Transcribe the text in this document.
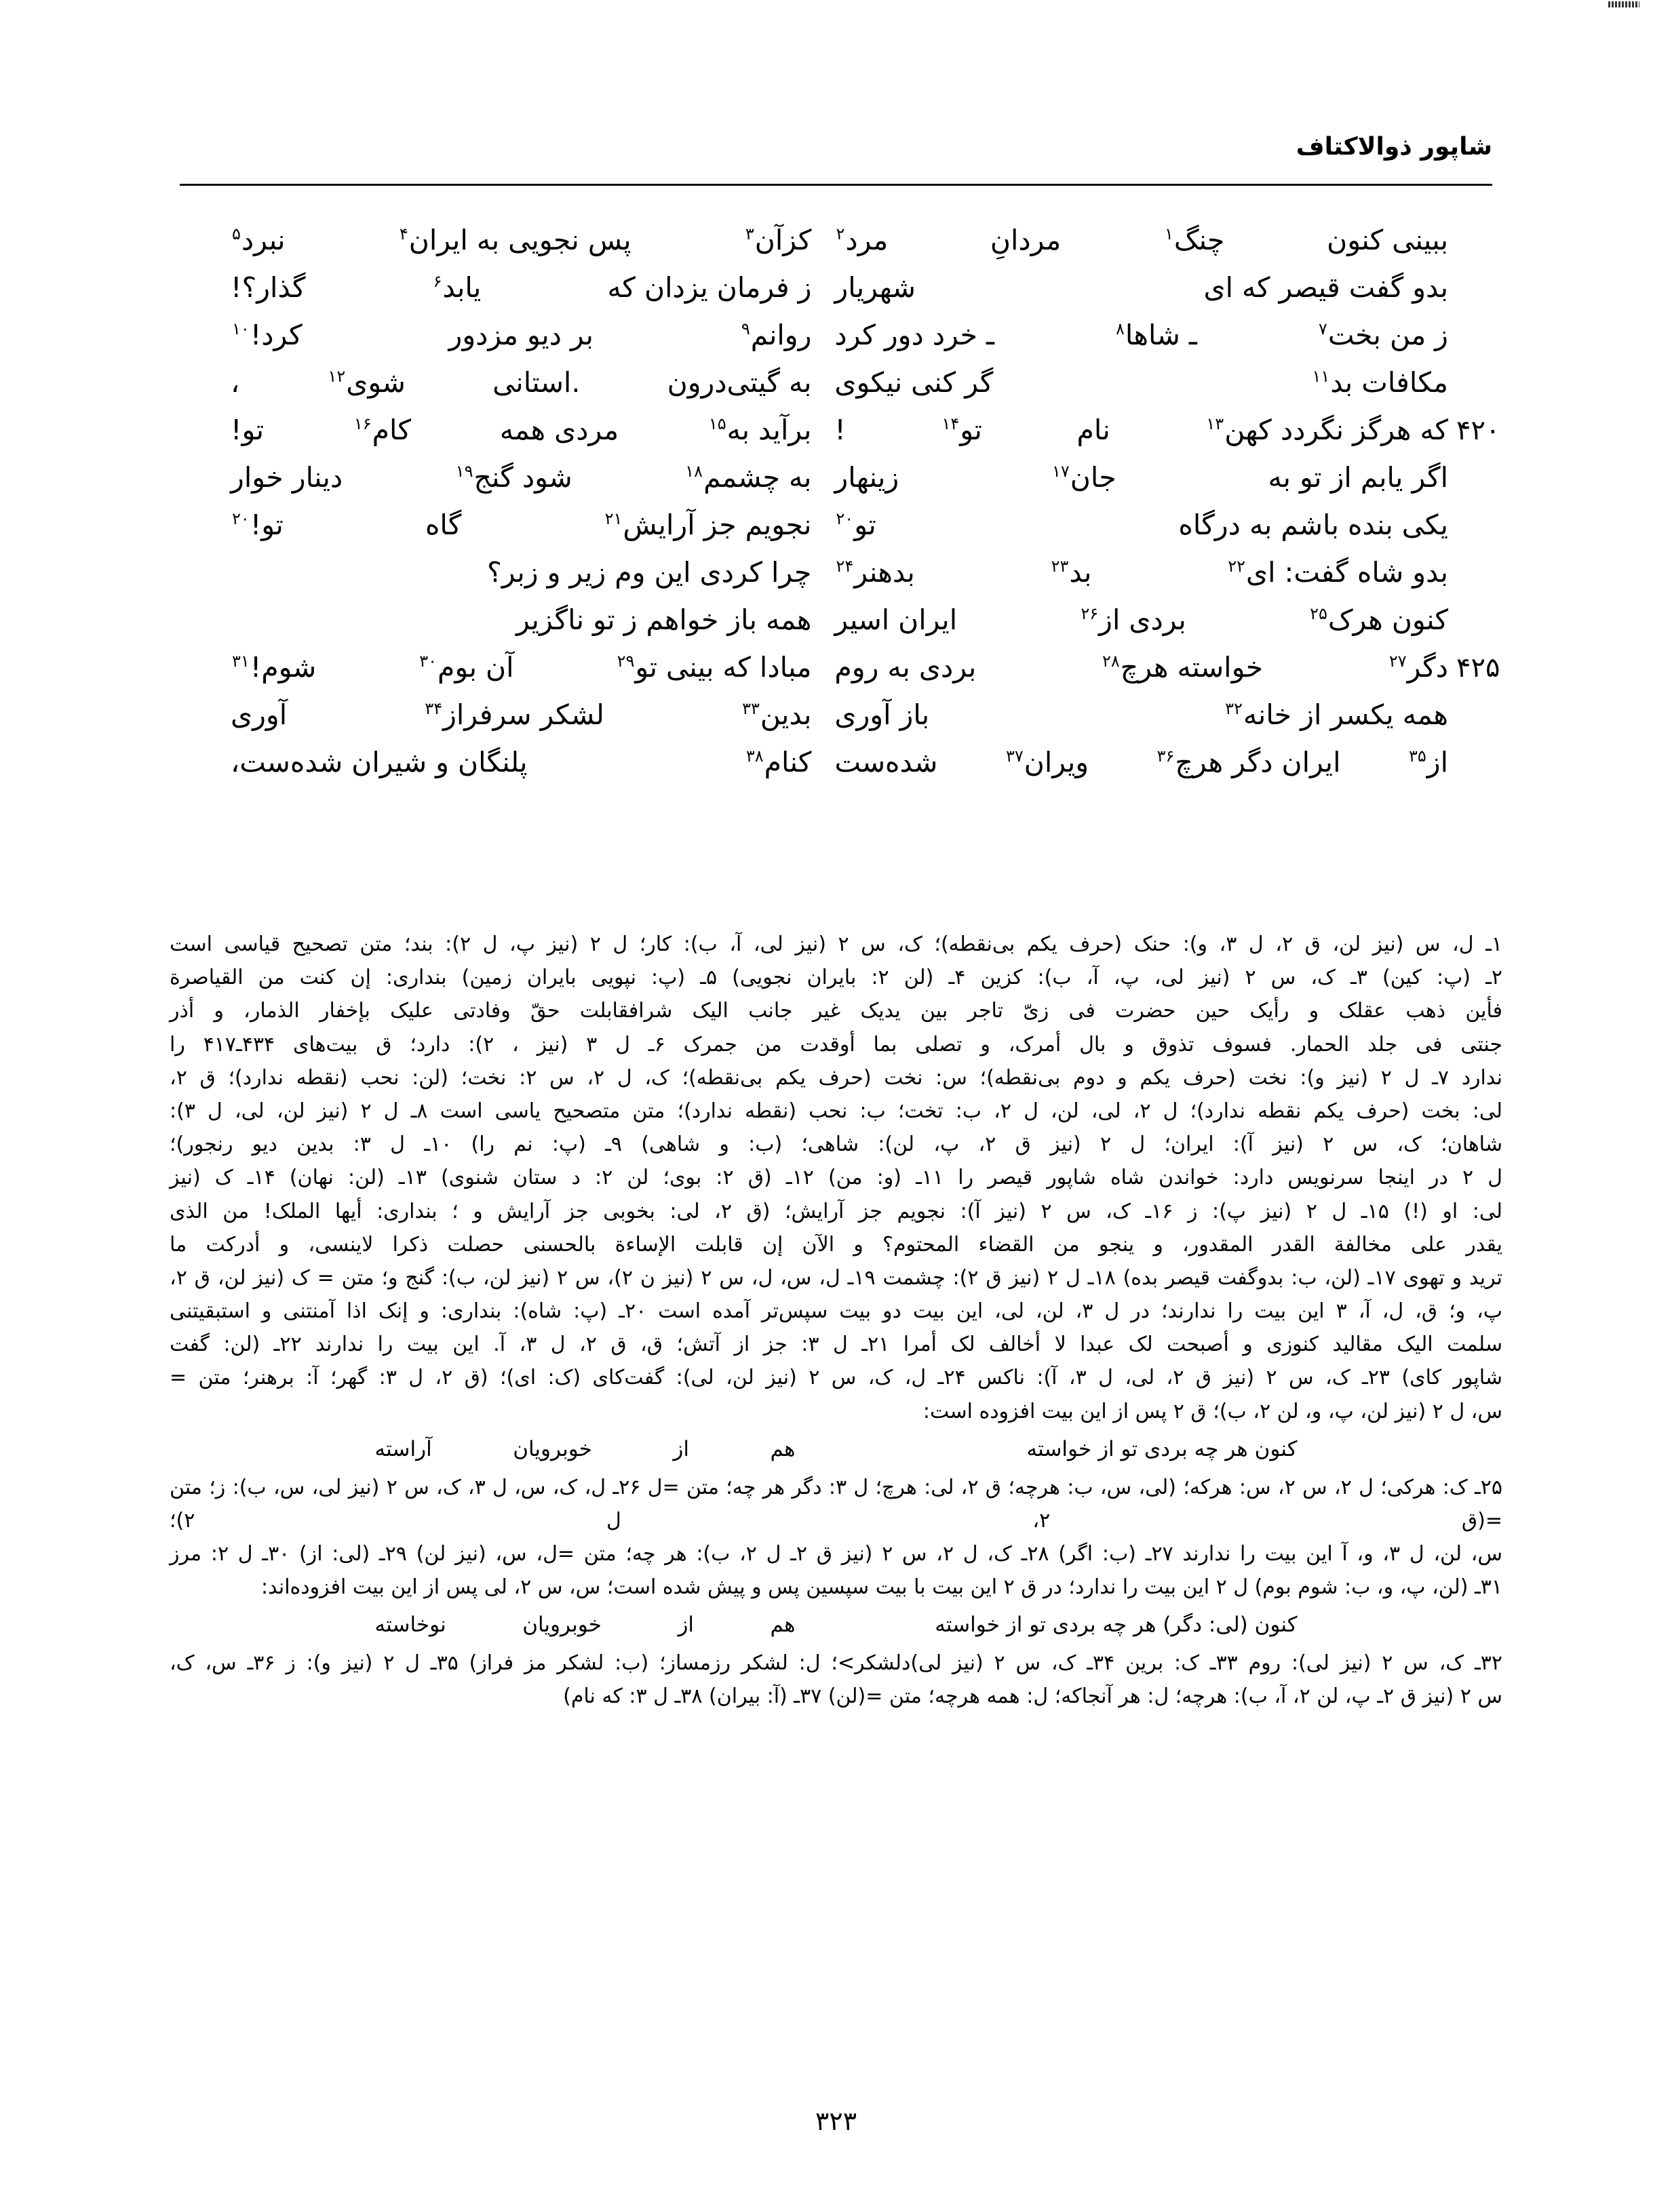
شاپور ذوالاکتاف
ببینی کنون
چنگ$^۱$
مردانِ
مرد$^۲$
کزآن$^۳$
پس نجویی به ایران$^۴$
نبرد$^۵$
بدو گفت قیصر که ای
شهریار
ز فرمان یزدان که
یابد$^۶$
گذار؟!
ز من بخت$^۷$
ـ شاها$^۸$
ـ خرد دور کرد
روانم$^۹$
بر دیو مزدور
کرد!$^{۱۰}$
مکافات بد$^{۱۱}$
گر کنی نیکوی
به گیتی‌درون
.استانی
شوی$^{۱۲}$
،
که هرگز نگردد کهن$^{۱۳}$
نام
تو$^{۱۴}$
!	۴۲۰
برآید به$^{۱۵}$
مردی همه
کام$^{۱۶}$
تو!
اگر یابم از تو به
جان$^{۱۷}$
زینهار
به چشمم$^{۱۸}$
شود گنج$^{۱۹}$
دینار خوار
یکی بنده باشم به درگاه
تو$^{۲۰}$
نجویم جز آرایش$^{۲۱}$
گاه
تو!$^{۲۰}$
بدو شاه گفت: ای$^{۲۲}$
بد$^{۲۳}$
بدهنر$^{۲۴}$
چرا کردی این وم زیر و زبر؟
کنون هرک$^{۲۵}$
بردی از$^{۲۶}$
ایران اسیر
همه باز خواهم ز تو ناگزیر
دگر$^{۲۷}$
خواسته هرچ$^{۲۸}$
بردی به روم	۴۲۵
مبادا که بینی تو$^{۲۹}$
آن بوم$^{۳۰}$
شوم!$^{۳۱}$
همه یکسر از خانه$^{۳۲}$
باز آوری
بدین$^{۳۳}$
لشکر سرفراز$^{۳۴}$
آوری
از$^{۳۵}$
ایران دگر هرچ$^{۳۶}$
ویران$^{۳۷}$
شده‌ست
کنام$^{۳۸}$
پلنگان و شیران شده‌ست،
۱ـ ل، س (نیز لن، ق ۲، ل ۳، و): حنک (حرف یکم بی‌نقطه)؛ ک، س ۲ (نیز لی، آ، ب): کار؛ ل ۲ (نیز پ، ل ۲): بند؛ متن تصحیح قیاسی است
۲ـ (پ: کین) ۳ـ ک، س ۲ (نیز لی، پ، آ، ب): کزین ۴ـ (لن ۲: بایران نجویی) ۵ـ (پ: نپویی بایران زمین) بنداری: إن کنت من القیاصرة
فأین ذهب عقلک و رأیک حین حضرت فی زیّ تاجر بین یدیک غیر جانب الیک شرافقابلت حقّ وفادتی علیک بإخفار الذمار، و أذر
جنتی فی جلد الحمار. فسوف تذوق و بال أمرک، و تصلی بما أوقدت من جمرک ۶ـ ل ۳ (نیز ، ۲): دارد؛ ق بیت‌های ۴۳۴ـ۴۱۷ را
ندارد ۷ـ ل ۲ (نیز و): نخت (حرف یکم و دوم بی‌نقطه)؛ س: نخت (حرف یکم بی‌نقطه)؛ ک، ل ۲، س ۲: نخت؛ (لن: نحب (نقطه ندارد)؛ ق ۲،
لی: بخت (حرف یکم نقطه ندارد)؛ ل ۲، لی، لن، ل ۲، ب: تخت؛ ب: نحب (نقطه ندارد)؛ متن متصحیح یاسی است ۸ـ ل ۲ (نیز لن، لی، ل ۳):
شاهان؛ ک، س ۲ (نیز آ): ایران؛ ل ۲ (نیز ق ۲، پ، لن): شاهی؛ (ب: و شاهی) ۹ـ (پ: نم را) ۱۰ـ ل ۳: بدین دیو رنجور)؛
ل ۲ در اینجا سرنویس دارد: خواندن شاه شاپور قیصر را ۱۱ـ (و: من) ۱۲ـ (ق ۲: بوی؛ لن ۲: د ستان شنوی) ۱۳ـ (لن: نهان) ۱۴ـ ک (نیز
لی: او (!) ۱۵ـ ل ۲ (نیز پ): ز ۱۶ـ ک، س ۲ (نیز آ): نجویم جز آرایش؛ (ق ۲، لی: بخوبی جز آرایش و ؛ بنداری: أیها الملک! من الذی
یقدر علی مخالفة القدر المقدور، و ینجو من القضاء المحتوم؟ و الآن إن قابلت الإساءة بالحسنی حصلت ذکرا لاینسی، و أدرکت ما
ترید و تهوی ۱۷ـ (لن، ب: بدوگفت قیصر بده) ۱۸ـ ل ۲ (نیز ق ۲): چشمت ۱۹ـ ل، س، ل، س ۲ (نیز ن ۲)، س ۲ (نیز لن، ب): گنج و؛ متن = ک (نیز لن، ق ۲،
پ، و؛ ق، ل، آ، ۳ این بیت را ندارند؛ در ل ۳، لن، لی، این بیت دو بیت سپس‌تر آمده است ۲۰ـ (پ: شاه): بنداری: و إنک اذا آمنتنی و استبقیتنی
سلمت الیک مقالید کنوزی و أصبحت لک عبدا لا أخالف لک أمرا ۲۱ـ ل ۳: جز از آتش؛ ق، ق ۲، ل ۳، آ. این بیت را ندارند ۲۲ـ (لن: گفت
شاپور کای) ۲۳ـ ک، س ۲ (نیز ق ۲، لی، ل ۳، آ): ناکس ۲۴ـ ل، ک، س ۲ (نیز لن، لی): گفت‌کای (ک: ای)؛ (ق ۲، ل ۳: گهر؛ آ: برهنر؛ متن =
س، ل ۲ (نیز لن، پ، و، لن ۲، ب)؛ ق ۲ پس از این بیت افزوده است:
کنون هر چه بردی تو از خواسته
هم
از
خوبرویان
آراسته
۲۵ـ ک: هرکی؛ ل ۲، س ۲، س: هرکه؛ (لی، س، ب: هرچه؛ ق ۲، لی: هرچ؛ ل ۳: دگر هر چه؛ متن =ل ۲۶ـ ل، ک، س، ل ۳، ک، س ۲ (نیز لی، س، ب): ز؛ متن =(ق ۲، ل ۲)؛
س، لن، ل ۳، و، آ این بیت را ندارند ۲۷ـ (ب: اگر) ۲۸ـ ک، ل ۲، س ۲ (نیز ق ۲ـ ل ۲، ب): هر چه؛ متن =ل، س، (نیز لن) ۲۹ـ (لی: از) ۳۰ـ ل ۲: مرز
۳۱ـ (لن، پ، و، ب: شوم بوم) ل ۲ این بیت را ندارد؛ در ق ۲ این بیت با بیت سپسین پس و پیش شده است؛ س، س ۲، لی پس از این بیت افزوده‌اند:
کنون (لی: دگر) هر چه بردی تو از خواسته
هم
از
خوبرویان
نوخاسته
۳۲ـ ک، س ۲ (نیز لی): روم ۳۳ـ ک: برین ۳۴ـ ک، س ۲ (نیز لی)دلشکر>؛ ل: لشکر رزمساز؛ (ب: لشکر مز فراز) ۳۵ـ ل ۲ (نیز و): ز ۳۶ـ س، ک،
س ۲ (نیز ق ۲ـ پ، لن ۲، آ، ب): هرچه؛ ل: هر آنجاکه؛ ل: همه هرچه؛ متن =(لن) ۳۷ـ (آ: بیران) ۳۸ـ ل ۳: که نام)
۳۲۳
